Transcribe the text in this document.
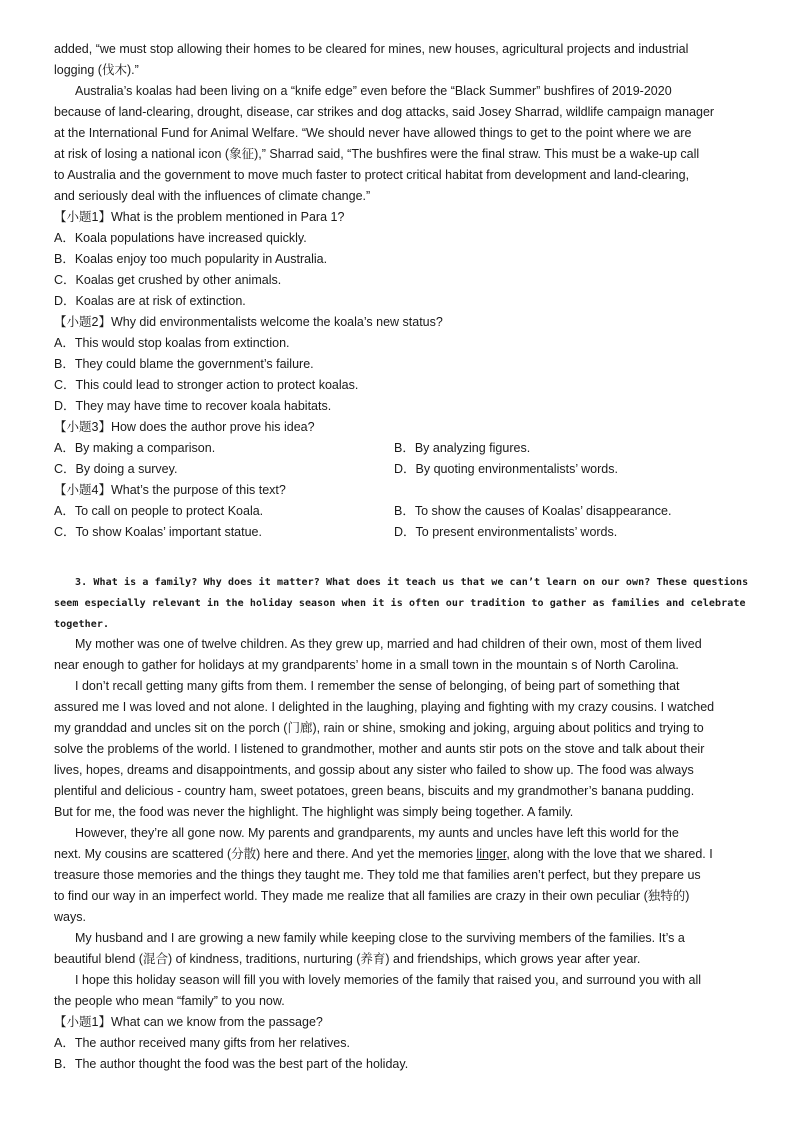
added, “we must stop allowing their homes to be cleared for mines, new houses, agricultural projects and industrial
logging (伐木).”
Australia’s koalas had been living on a “knife edge” even before the “Black Summer” bushfires of 2019-2020
because of land-clearing, drought, disease, car strikes and dog attacks, said Josey Sharrad, wildlife campaign manager
at the International Fund for Animal Welfare. “We should never have allowed things to get to the point where we are
at risk of losing a national icon (象征),” Sharrad said, “The bushfires were the final straw. This must be a wake-up call
to Australia and the government to move much faster to protect critical habitat from development and land-clearing,
and seriously deal with the influences of climate change.”
【小题1】What is the problem mentioned in Para 1?
A．Koala populations have increased quickly.
B．Koalas enjoy too much popularity in Australia.
C．Koalas get crushed by other animals.
D．Koalas are at risk of extinction.
【小题2】Why did environmentalists welcome the koala’s new status?
A．This would stop koalas from extinction.
B．They could blame the government’s failure.
C．This could lead to stronger action to protect koalas.
D．They may have time to recover koala habitats.
【小题3】How does the author prove his idea?
A．By making a comparison.	B．By analyzing figures.
C．By doing a survey.	D．By quoting environmentalists’ words.
【小题4】What’s the purpose of this text?
A．To call on people to protect Koala.	B．To show the causes of Koalas’ disappearance.
C．To show Koalas’ important statue.	D．To present environmentalists’ words.
3. What is a family? Why does it matter? What does it teach us that we can’t learn on our own? These questions
seem especially relevant in the holiday season when it is often our tradition to gather as families and celebrate
together.
My mother was one of twelve children. As they grew up, married and had children of their own, most of them lived
near enough to gather for holidays at my grandparents’ home in a small town in the mountain s of North Carolina.
I don’t recall getting many gifts from them. I remember the sense of belonging, of being part of something that
assured me I was loved and not alone. I delighted in the laughing, playing and fighting with my crazy cousins. I watched
my granddad and uncles sit on the porch (门廊), rain or shine, smoking and joking, arguing about politics and trying to
solve the problems of the world. I listened to grandmother, mother and aunts stir pots on the stove and talk about their
lives, hopes, dreams and disappointments, and gossip about any sister who failed to show up. The food was always
plentiful and delicious - country ham, sweet potatoes, green beans, biscuits and my grandmother’s banana pudding.
But for me, the food was never the highlight. The highlight was simply being together. A family.
However, they’re all gone now. My parents and grandparents, my aunts and uncles have left this world for the
next. My cousins are scattered (分散) here and there. And yet the memories linger, along with the love that we shared. I
treasure those memories and the things they taught me. They told me that families aren’t perfect, but they prepare us
to find our way in an imperfect world. They made me realize that all families are crazy in their own peculiar (独特的)
ways.
My husband and I are growing a new family while keeping close to the surviving members of the families. It’s a
beautiful blend (混合) of kindness, traditions, nurturing (养育) and friendships, which grows year after year.
I hope this holiday season will fill you with lovely memories of the family that raised you, and surround you with all
the people who mean “family” to you now.
【小题1】What can we know from the passage?
A．The author received many gifts from her relatives.
B．The author thought the food was the best part of the holiday.
